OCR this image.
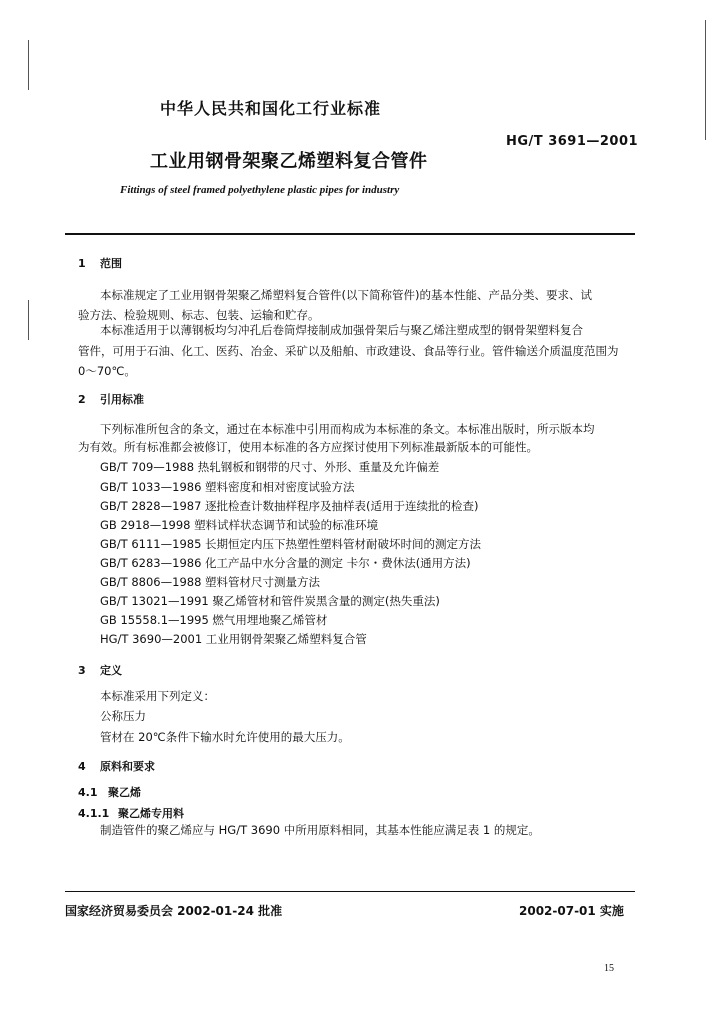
中华人民共和国化工行业标准
HG/T 3691—2001
工业用钢骨架聚乙烯塑料复合管件
Fittings of steel framed polyethylene plastic pipes for industry
1 范围
本标准规定了工业用钢骨架聚乙烯塑料复合管件(以下简称管件)的基本性能、产品分类、要求、试
验方法、检验规则、标志、包装、运输和贮存。
本标准适用于以薄钢板均匀冲孔后卷筒焊接制成加强骨架后与聚乙烯注塑成型的钢骨架塑料复合
管件，可用于石油、化工、医药、冶金、采矿以及船舶、市政建设、食品等行业。管件输送介质温度范围为
0～70℃。
2 引用标准
下列标准所包含的条文，通过在本标准中引用而构成为本标准的条文。本标准出版时，所示版本均
为有效。所有标准都会被修订，使用本标准的各方应探讨使用下列标准最新版本的可能性。
GB/T 709—1988 热轧钢板和钢带的尺寸、外形、重量及允许偏差
GB/T 1033—1986 塑料密度和相对密度试验方法
GB/T 2828—1987 逐批检查计数抽样程序及抽样表(适用于连续批的检查)
GB 2918—1998 塑料试样状态调节和试验的标准环境
GB/T 6111—1985 长期恒定内压下热塑性塑料管材耐破坏时间的测定方法
GB/T 6283—1986 化工产品中水分含量的测定 卡尔・费休法(通用方法)
GB/T 8806—1988 塑料管材尺寸测量方法
GB/T 13021—1991 聚乙烯管材和管件炭黑含量的测定(热失重法)
GB 15558.1—1995 燃气用埋地聚乙烯管材
HG/T 3690—2001 工业用钢骨架聚乙烯塑料复合管
3 定义
本标准采用下列定义：
公称压力
管材在 20℃条件下输水时允许使用的最大压力。
4 原料和要求
4.1 聚乙烯
4.1.1 聚乙烯专用料
制造管件的聚乙烯应与 HG/T 3690 中所用原料相同，其基本性能应满足表 1 的规定。
国家经济贸易委员会 2002-01-24 批准	2002-07-01 实施
15
